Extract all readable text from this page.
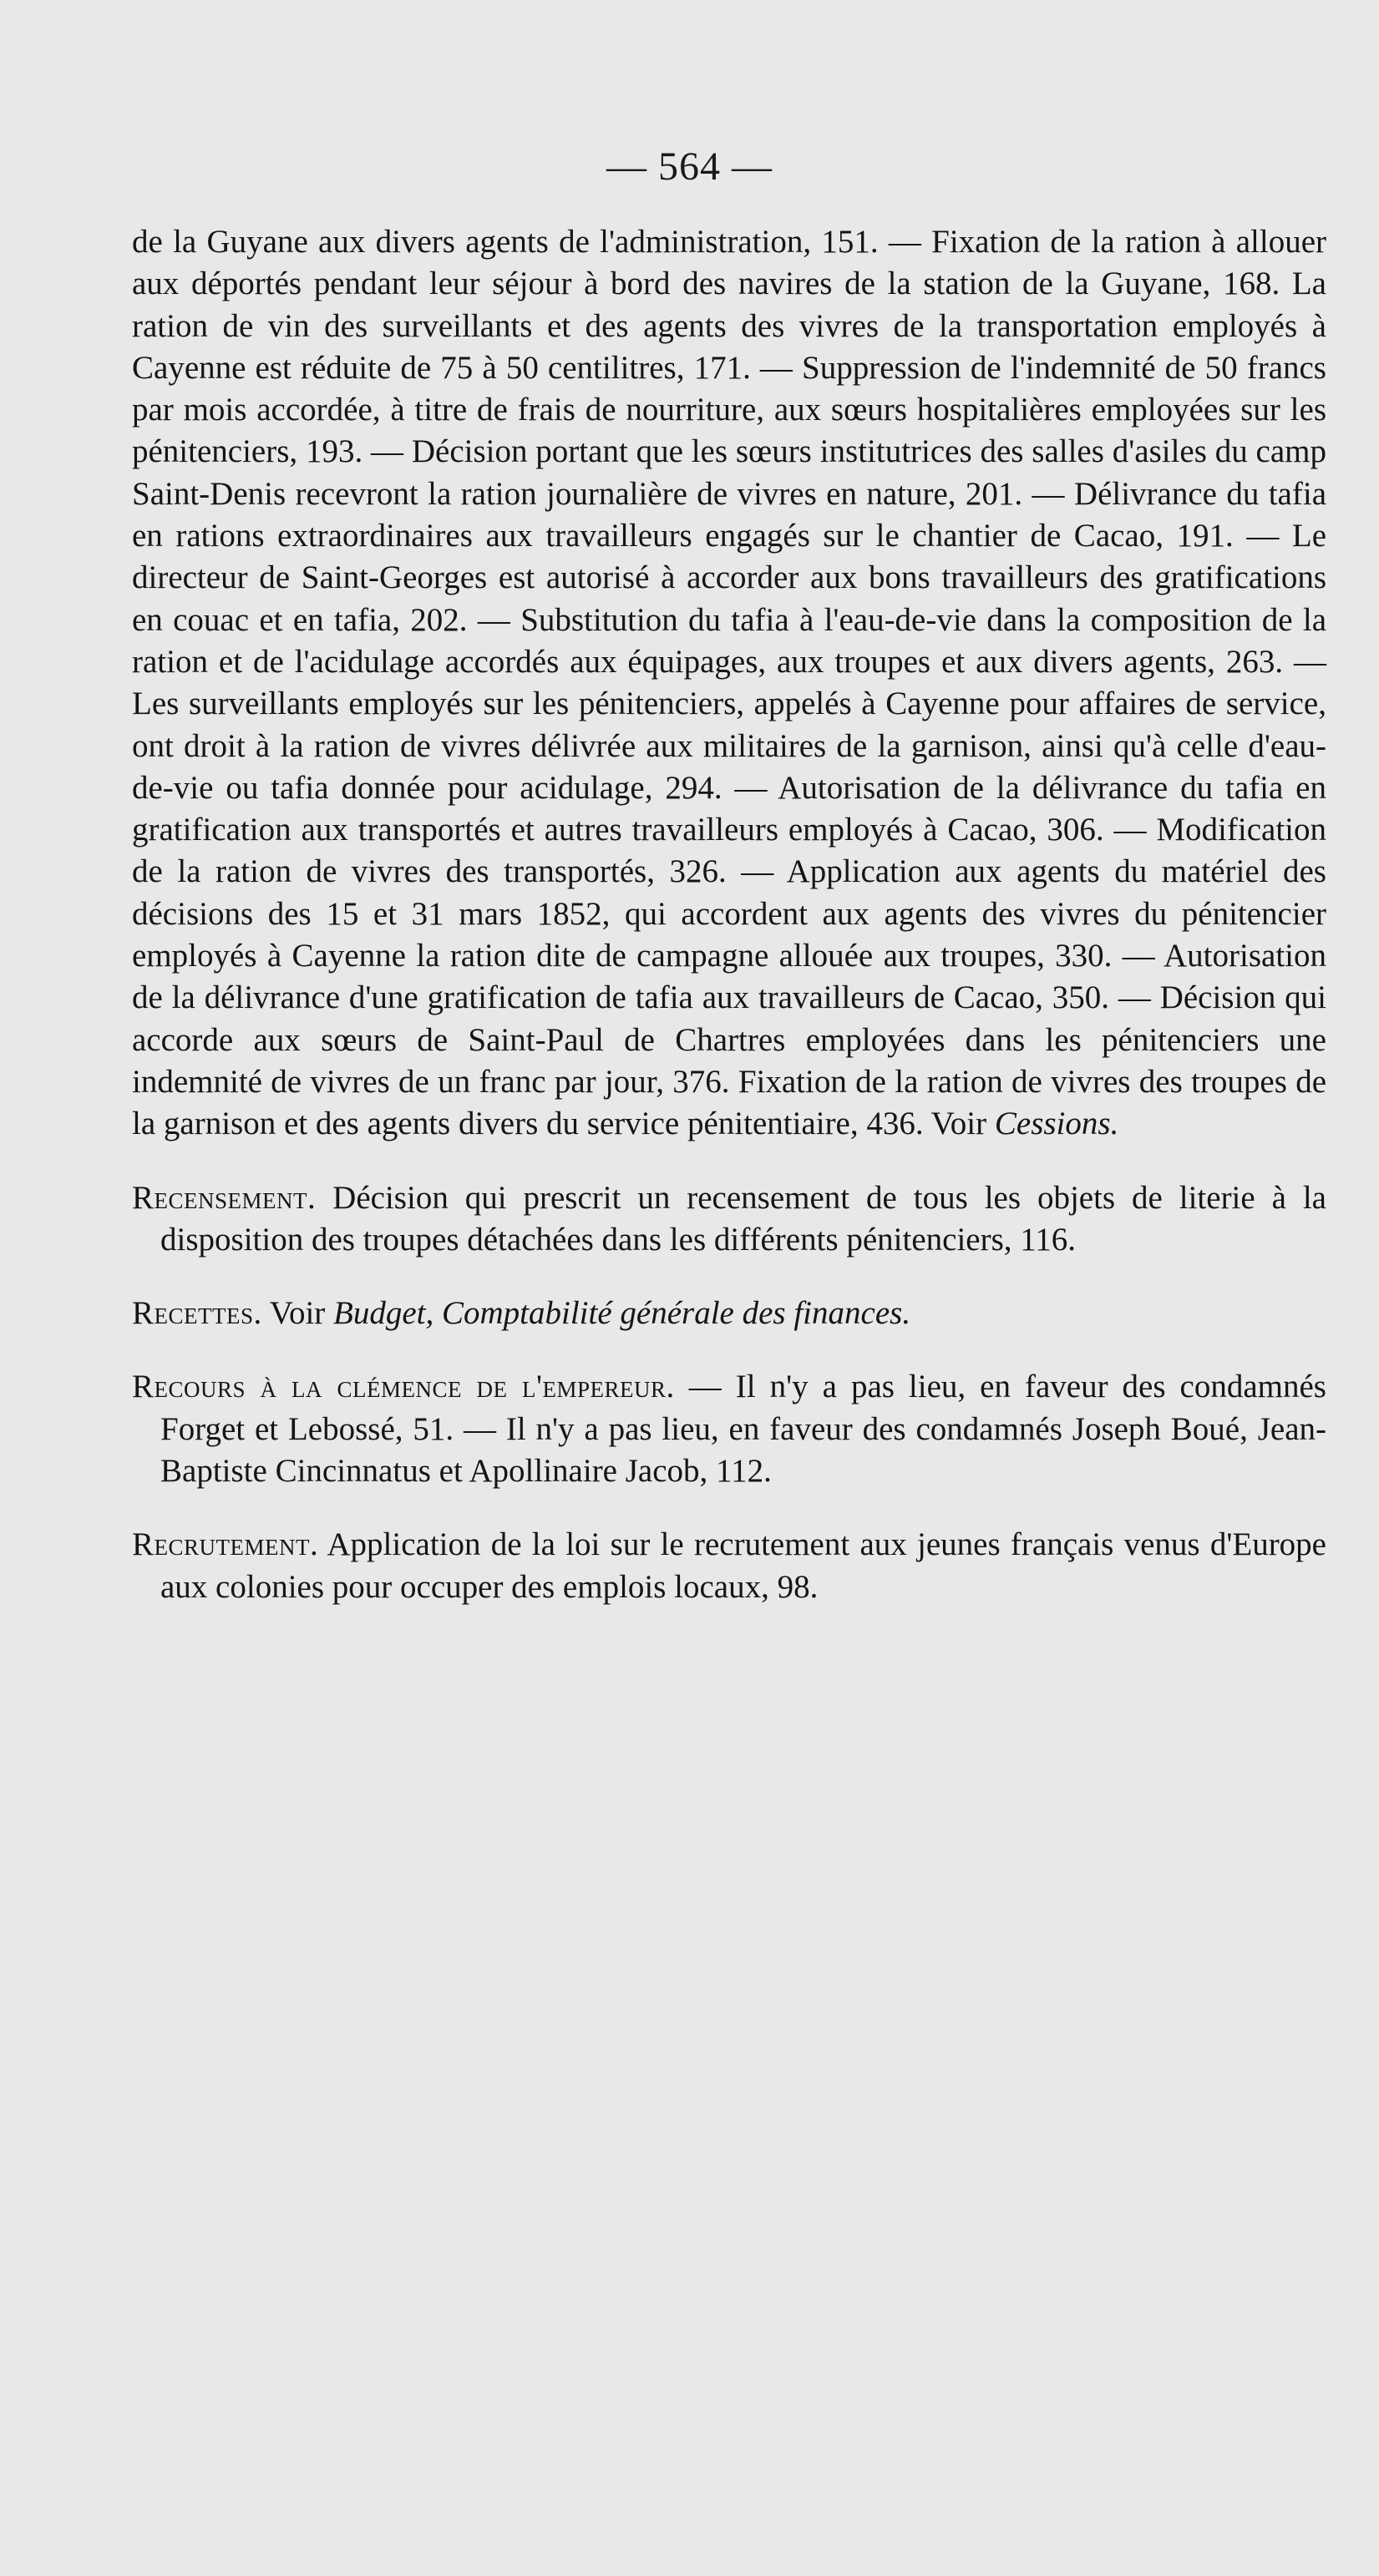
— 564 —

de la Guyane aux divers agents de l'administration, 151. — Fixation de la ration à allouer aux déportés pendant leur séjour à bord des navires de la station de la Guyane, 168. La ration de vin des surveillants et des agents des vivres de la transportation employés à Cayenne est réduite de 75 à 50 centilitres, 171. — Suppression de l'indemnité de 50 francs par mois accordée, à titre de frais de nourriture, aux sœurs hospitalières employées sur les pénitenciers, 193. — Décision portant que les sœurs institutrices des salles d'asiles du camp Saint-Denis recevront la ration journalière de vivres en nature, 201. — Délivrance du tafia en rations extraordinaires aux travailleurs engagés sur le chantier de Cacao, 191. — Le directeur de Saint-Georges est autorisé à accorder aux bons travailleurs des gratifications en couac et en tafia, 202. — Substitution du tafia à l'eau-de-vie dans la composition de la ration et de l'acidulage accordés aux équipages, aux troupes et aux divers agents, 263. — Les surveillants employés sur les pénitenciers, appelés à Cayenne pour affaires de service, ont droit à la ration de vivres délivrée aux militaires de la garnison, ainsi qu'à celle d'eau-de-vie ou tafia donnée pour acidulage, 294. — Autorisation de la délivrance du tafia en gratification aux transportés et autres travailleurs employés à Cacao, 306. — Modification de la ration de vivres des transportés, 326. — Application aux agents du matériel des décisions des 15 et 31 mars 1852, qui accordent aux agents des vivres du pénitencier employés à Cayenne la ration dite de campagne allouée aux troupes, 330. — Autorisation de la délivrance d'une gratification de tafia aux travailleurs de Cacao, 350. — Décision qui accorde aux sœurs de Saint-Paul de Chartres employées dans les pénitenciers une indemnité de vivres de un franc par jour, 376. Fixation de la ration de vivres des troupes de la garnison et des agents divers du service pénitentiaire, 436. Voir Cessions.

Recensement. Décision qui prescrit un recensement de tous les objets de literie à la disposition des troupes détachées dans les différents pénitenciers, 116.

Recettes. Voir Budget, Comptabilité générale des finances.

Recours à la clémence de l'empereur. — Il n'y a pas lieu, en faveur des condamnés Forget et Lebossé, 51. — Il n'y a pas lieu, en faveur des condamnés Joseph Boué, Jean-Baptiste Cincinnatus et Apollinaire Jacob, 112.

Recrutement. Application de la loi sur le recrutement aux jeunes français venus d'Europe aux colonies pour occuper des emplois locaux, 98.
